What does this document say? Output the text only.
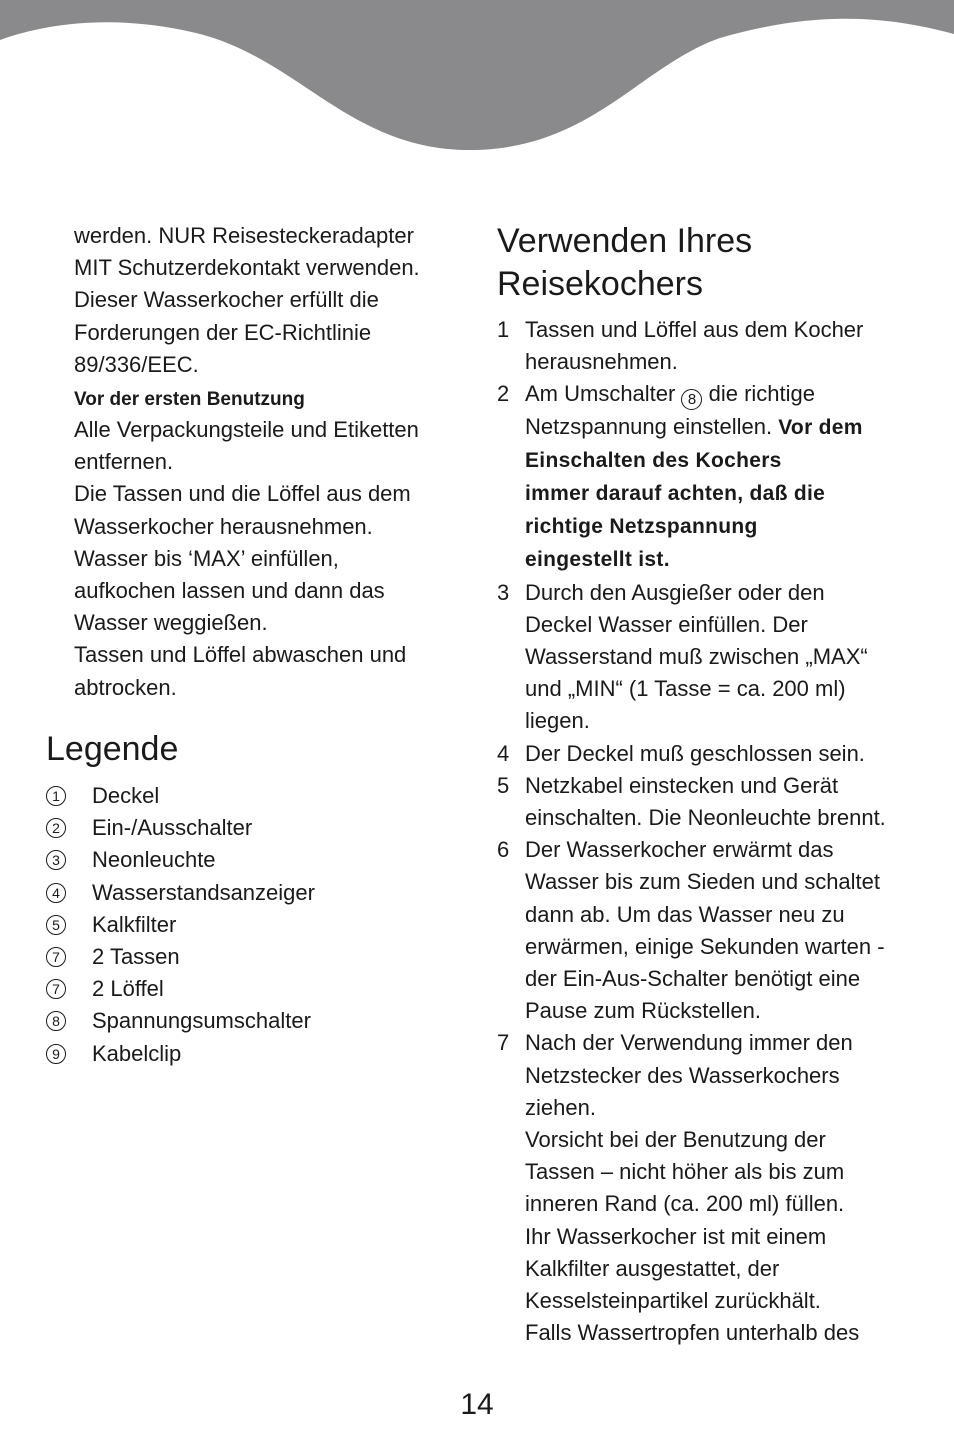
werden. NUR Reisesteckeradapter

MIT Schutzerdekontakt verwenden.

Dieser Wasserkocher erfüllt die

Forderungen der EC-Richtlinie

89/336/EEC.

Vor der ersten Benutzung

Alle Verpackungsteile und Etiketten

entfernen.

Die Tassen und die Löffel aus dem

Wasserkocher herausnehmen.

Wasser bis ‘MAX’ einfüllen,

aufkochen lassen und dann das

Wasser weggießen.

Tassen und Löffel abwaschen und

abtrocken.

Legende
1 Deckel
2 Ein-/Ausschalter
3 Neonleuchte
4 Wasserstandsanzeiger
5 Kalkfilter
7 2 Tassen
7 2 Löffel
8 Spannungsumschalter
9 Kabelclip
Verwenden Ihres
Reisekochers
1 Tassen und Löffel aus dem Kocher
herausnehmen.
2 Am Umschalter 8 die richtige
Netzspannung einstellen. Vor dem
Einschalten des Kochers
immer darauf achten, daß die
richtige Netzspannung
eingestellt ist.
3 Durch den Ausgießer oder den
Deckel Wasser einfüllen. Der
Wasserstand muß zwischen „MAX“
und „MIN“ (1 Tasse = ca. 200 ml)
liegen.
4 Der Deckel muß geschlossen sein.
5 Netzkabel einstecken und Gerät
einschalten. Die Neonleuchte brennt.
6 Der Wasserkocher erwärmt das
Wasser bis zum Sieden und schaltet
dann ab. Um das Wasser neu zu
erwärmen, einige Sekunden warten -
der Ein-Aus-Schalter benötigt eine
Pause zum Rückstellen.
7 Nach der Verwendung immer den
Netzstecker des Wasserkochers
ziehen.
Vorsicht bei der Benutzung der
Tassen – nicht höher als bis zum
inneren Rand (ca. 200 ml) füllen.
Ihr Wasserkocher ist mit einem
Kalkfilter ausgestattet, der
Kesselsteinpartikel zurückhält.
Falls Wassertropfen unterhalb des
14
